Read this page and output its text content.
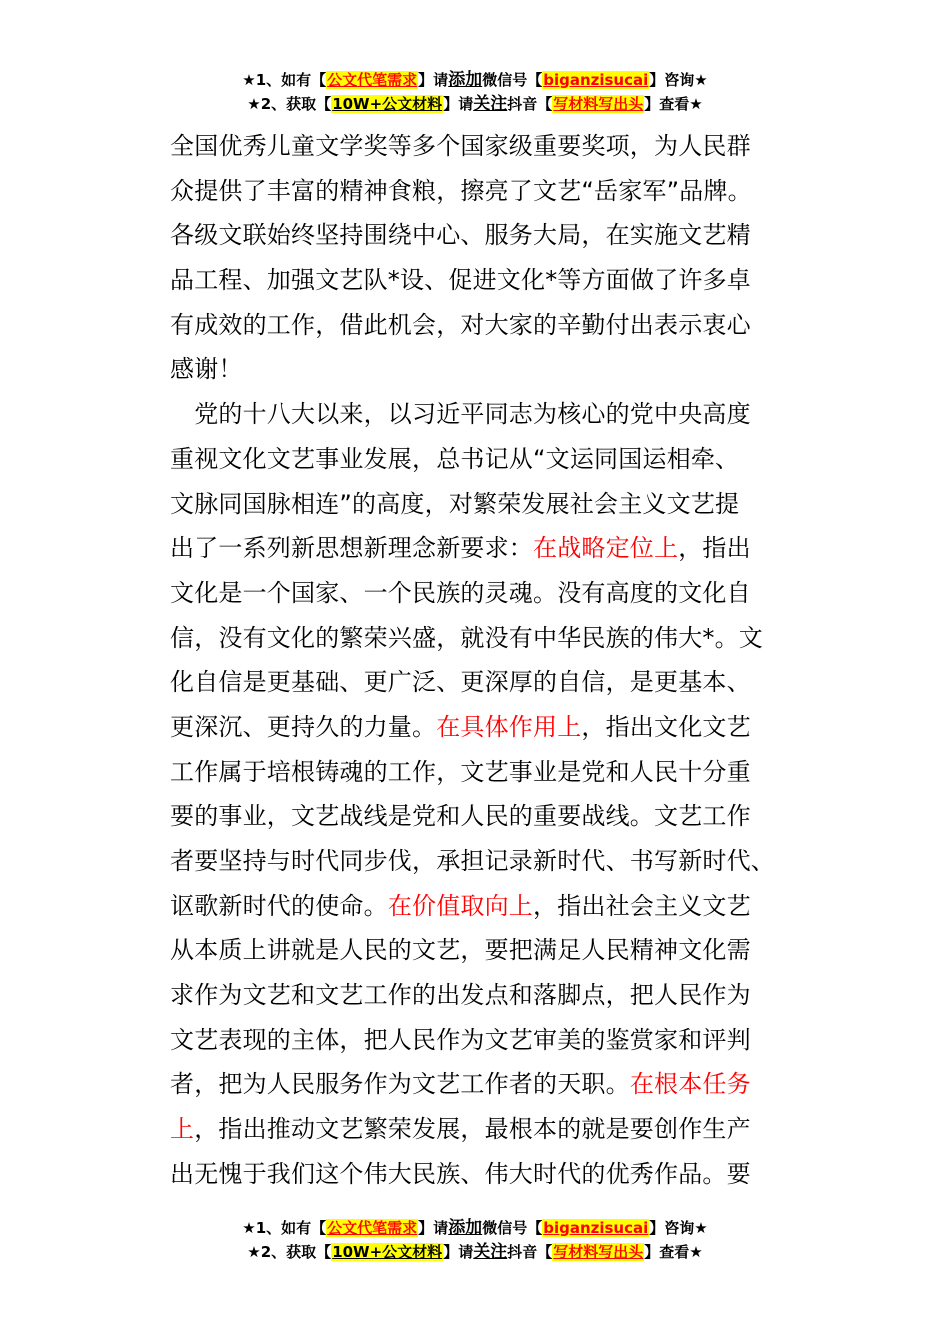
★1、如有【公文代笔需求】请添加微信号【biganzisucai】咨询★
★2、获取【10W+公文材料】请关注抖音【写材料写出头】查看★
全国优秀儿童文学奖等多个国家级重要奖项，为人民群
众提供了丰富的精神食粮，擦亮了文艺“岳家军”品牌。
各级文联始终坚持围绕中心、服务大局，在实施文艺精
品工程、加强文艺队*设、促进文化*等方面做了许多卓
有成效的工作，借此机会，对大家的辛勤付出表示衷心
感谢！
　党的十八大以来，以习近平同志为核心的党中央高度
重视文化文艺事业发展，总书记从“文运同国运相牵、
文脉同国脉相连”的高度，对繁荣发展社会主义文艺提
出了一系列新思想新理念新要求：在战略定位上，指出
文化是一个国家、一个民族的灵魂。没有高度的文化自
信，没有文化的繁荣兴盛，就没有中华民族的伟大*。文
化自信是更基础、更广泛、更深厚的自信，是更基本、
更深沉、更持久的力量。在具体作用上，指出文化文艺
工作属于培根铸魂的工作，文艺事业是党和人民十分重
要的事业，文艺战线是党和人民的重要战线。文艺工作
者要坚持与时代同步伐，承担记录新时代、书写新时代、
讴歌新时代的使命。在价值取向上，指出社会主义文艺
从本质上讲就是人民的文艺，要把满足人民精神文化需
求作为文艺和文艺工作的出发点和落脚点，把人民作为
文艺表现的主体，把人民作为文艺审美的鉴赏家和评判
者，把为人民服务作为文艺工作者的天职。在根本任务
上，指出推动文艺繁荣发展，最根本的就是要创作生产
出无愧于我们这个伟大民族、伟大时代的优秀作品。要
★1、如有【公文代笔需求】请添加微信号【biganzisucai】咨询★
★2、获取【10W+公文材料】请关注抖音【写材料写出头】查看★
